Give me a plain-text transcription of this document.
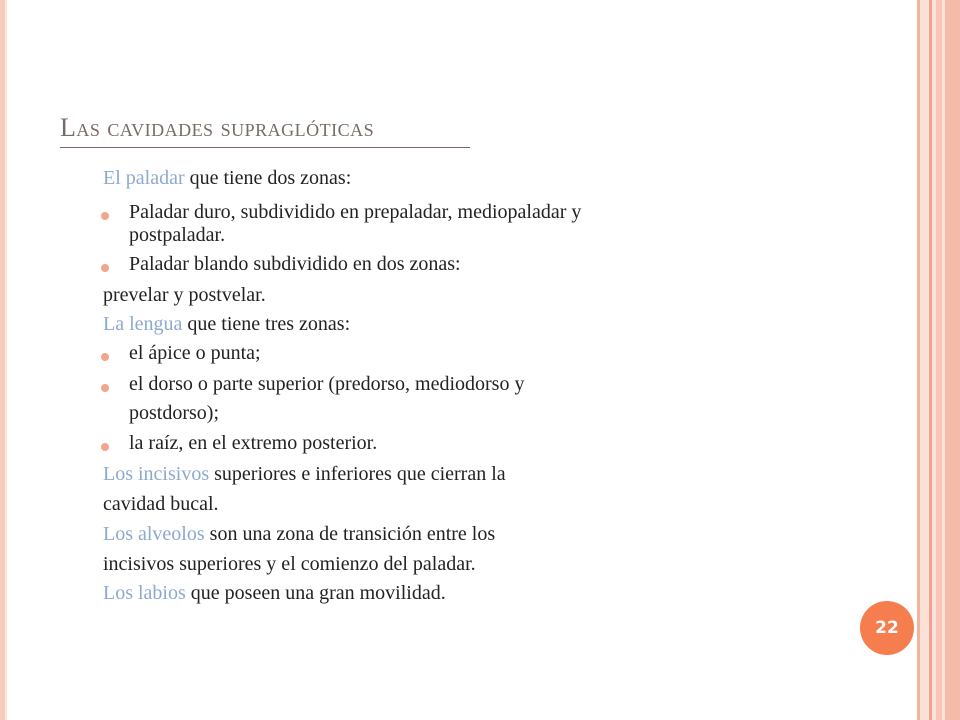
Las cavidades supraglóticas
El paladar que tiene dos zonas:
Paladar duro, subdividido en prepaladar, mediopaladar y
postpaladar.
Paladar blando subdividido en dos zonas:
prevelar y postvelar.
La lengua que tiene tres zonas:
el ápice o punta;
el dorso o parte superior (predorso, mediodorso y
postdorso);
la raíz, en el extremo posterior.
Los incisivos superiores e inferiores que cierran la
cavidad bucal.
Los alveolos son una zona de transición entre los
incisivos superiores y el comienzo del paladar.
Los labios que poseen una gran movilidad.
22
